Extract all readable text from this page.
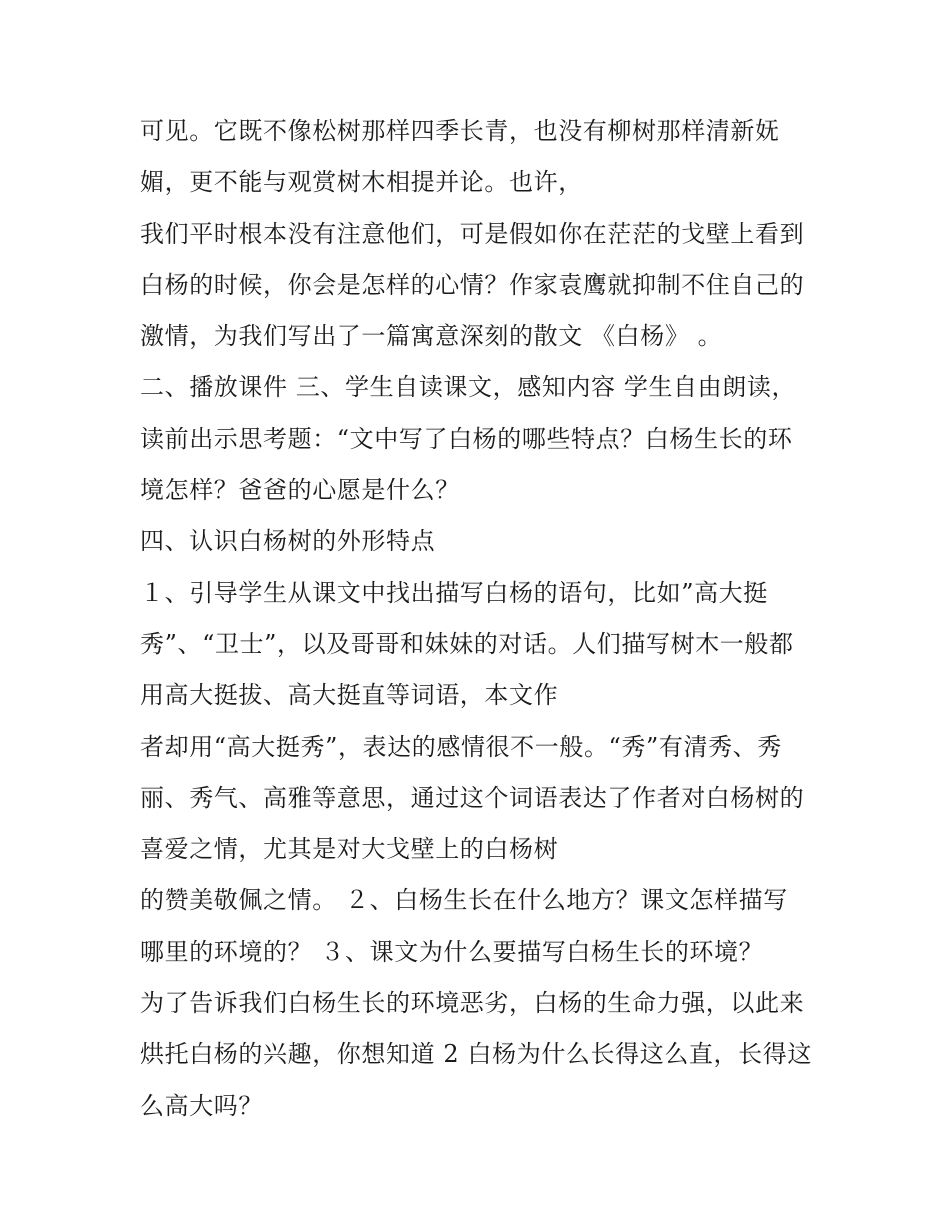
可见。它既不像松树那样四季长青，也没有柳树那样清新妩
媚，更不能与观赏树木相提并论。也许，
我们平时根本没有注意他们，可是假如你在茫茫的戈壁上看到
白杨的时候，你会是怎样的心情？作家袁鹰就抑制不住自己的
激情，为我们写出了一篇寓意深刻的散文 《白杨》 。
二、播放课件 三、学生自读课文，感知内容 学生自由朗读，
读前出示思考题：“文中写了白杨的哪些特点？白杨生长的环
境怎样？爸爸的心愿是什么？
四、认识白杨树的外形特点
１、引导学生从课文中找出描写白杨的语句，比如”高大挺
秀”、“卫士”，以及哥哥和妹妹的对话。人们描写树木一般都
用高大挺拔、高大挺直等词语，本文作
者却用“高大挺秀”，表达的感情很不一般。“秀”有清秀、秀
丽、秀气、高雅等意思，通过这个词语表达了作者对白杨树的
喜爱之情，尤其是对大戈壁上的白杨树
的赞美敬佩之情。 ２、白杨生长在什么地方？课文怎样描写
哪里的环境的？ ３、课文为什么要描写白杨生长的环境？
为了告诉我们白杨生长的环境恶劣，白杨的生命力强，以此来
烘托白杨的兴趣，你想知道 2 白杨为什么长得这么直，长得这
么高大吗？
